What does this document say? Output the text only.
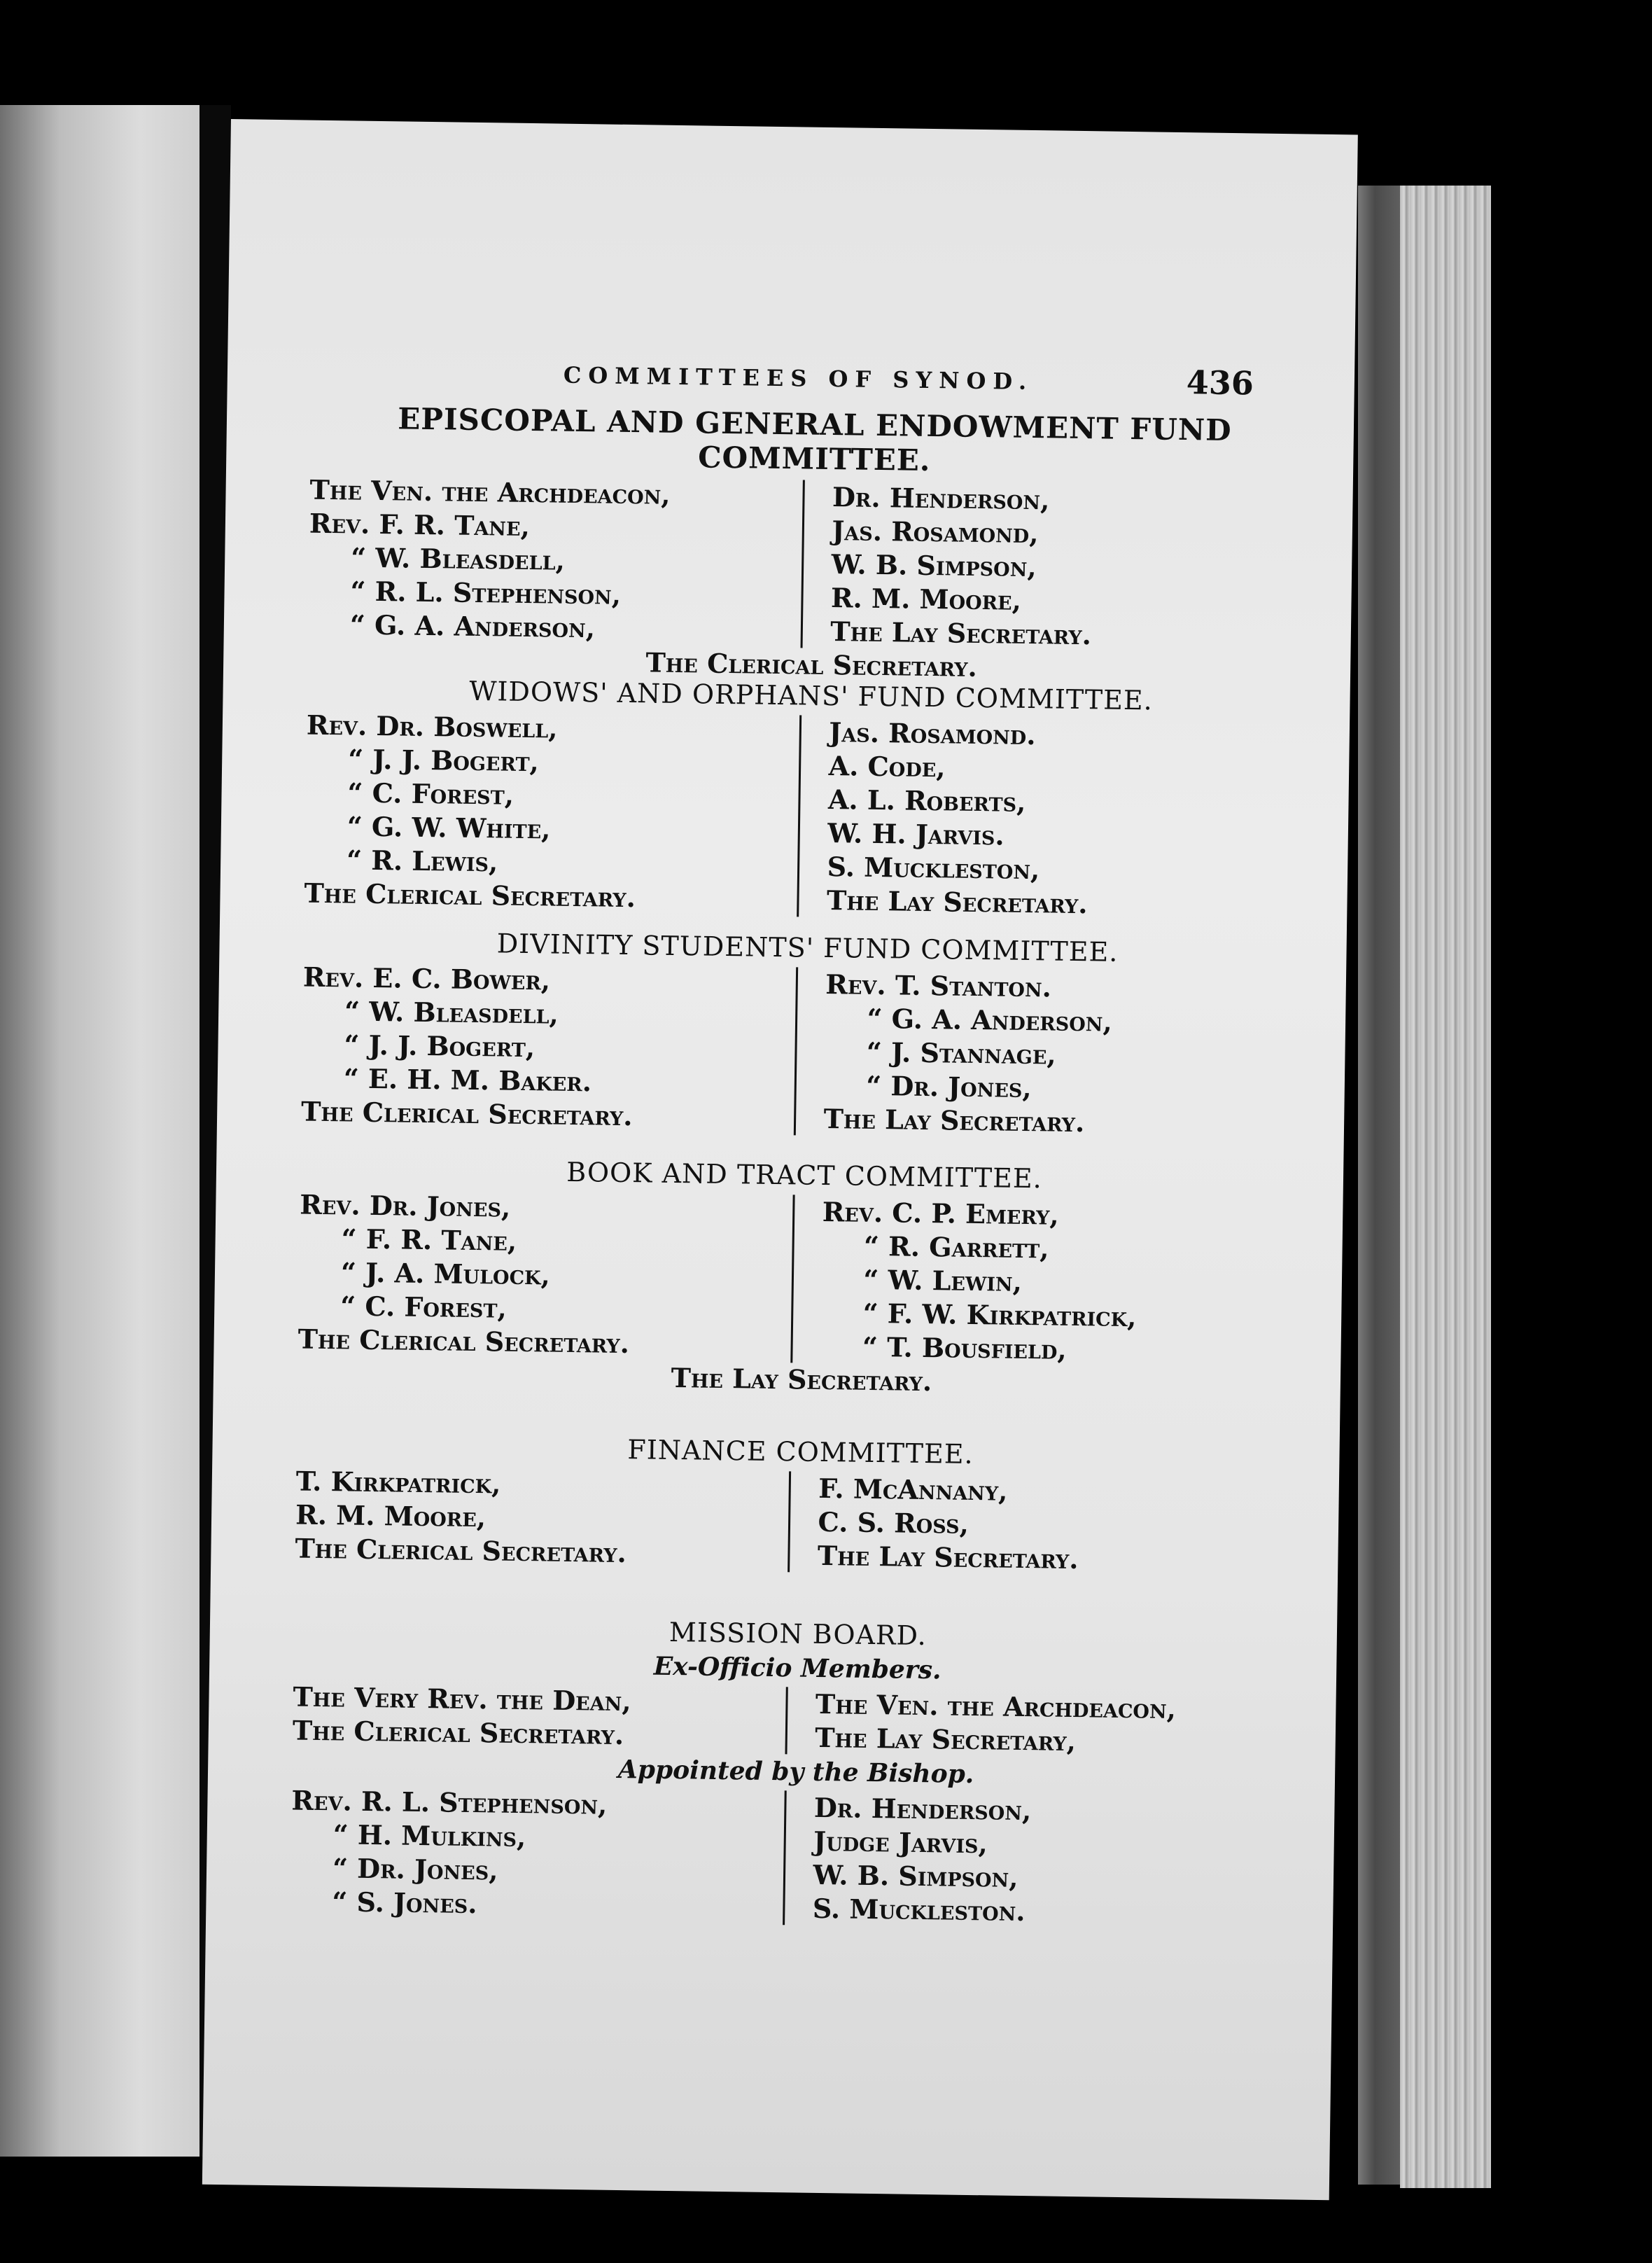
COMMITTEES OF SYNOD.	436
EPISCOPAL AND GENERAL ENDOWMENT FUND COMMITTEE.
The Ven. the Archdeacon,
Rev. F. R. Tane,
“ W. Bleasdell,
“ R. L. Stephenson,
“ G. A. Anderson,
Dr. Henderson,
Jas. Rosamond,
W. B. Simpson,
R. M. Moore,
The Lay Secretary.
The Clerical Secretary.
WIDOWS' AND ORPHANS' FUND COMMITTEE.
Rev. Dr. Boswell,
“ J. J. Bogert,
“ C. Forest,
“ G. W. White,
“ R. Lewis,
The Clerical Secretary.
Jas. Rosamond.
A. Code,
A. L. Roberts,
W. H. Jarvis.
S. Muckleston,
The Lay Secretary.
DIVINITY STUDENTS' FUND COMMITTEE.
Rev. E. C. Bower,
“ W. Bleasdell,
“ J. J. Bogert,
“ E. H. M. Baker.
The Clerical Secretary.
Rev. T. Stanton.
“ G. A. Anderson,
“ J. Stannage,
“ Dr. Jones,
The Lay Secretary.
BOOK AND TRACT COMMITTEE.
Rev. Dr. Jones,
“ F. R. Tane,
“ J. A. Mulock,
“ C. Forest,
The Clerical Secretary.
Rev. C. P. Emery,
“ R. Garrett,
“ W. Lewin,
“ F. W. Kirkpatrick,
“ T. Bousfield,
The Lay Secretary.
FINANCE COMMITTEE.
T. Kirkpatrick,
R. M. Moore,
The Clerical Secretary.
F. McAnnany,
C. S. Ross,
The Lay Secretary.
MISSION BOARD.
Ex-Officio Members.
The Very Rev. the Dean,
The Clerical Secretary.
The Ven. the Archdeacon,
The Lay Secretary,
Appointed by the Bishop.
Rev. R. L. Stephenson,
“ H. Mulkins,
“ Dr. Jones,
“ S. Jones.
Dr. Henderson,
Judge Jarvis,
W. B. Simpson,
S. Muckleston.
